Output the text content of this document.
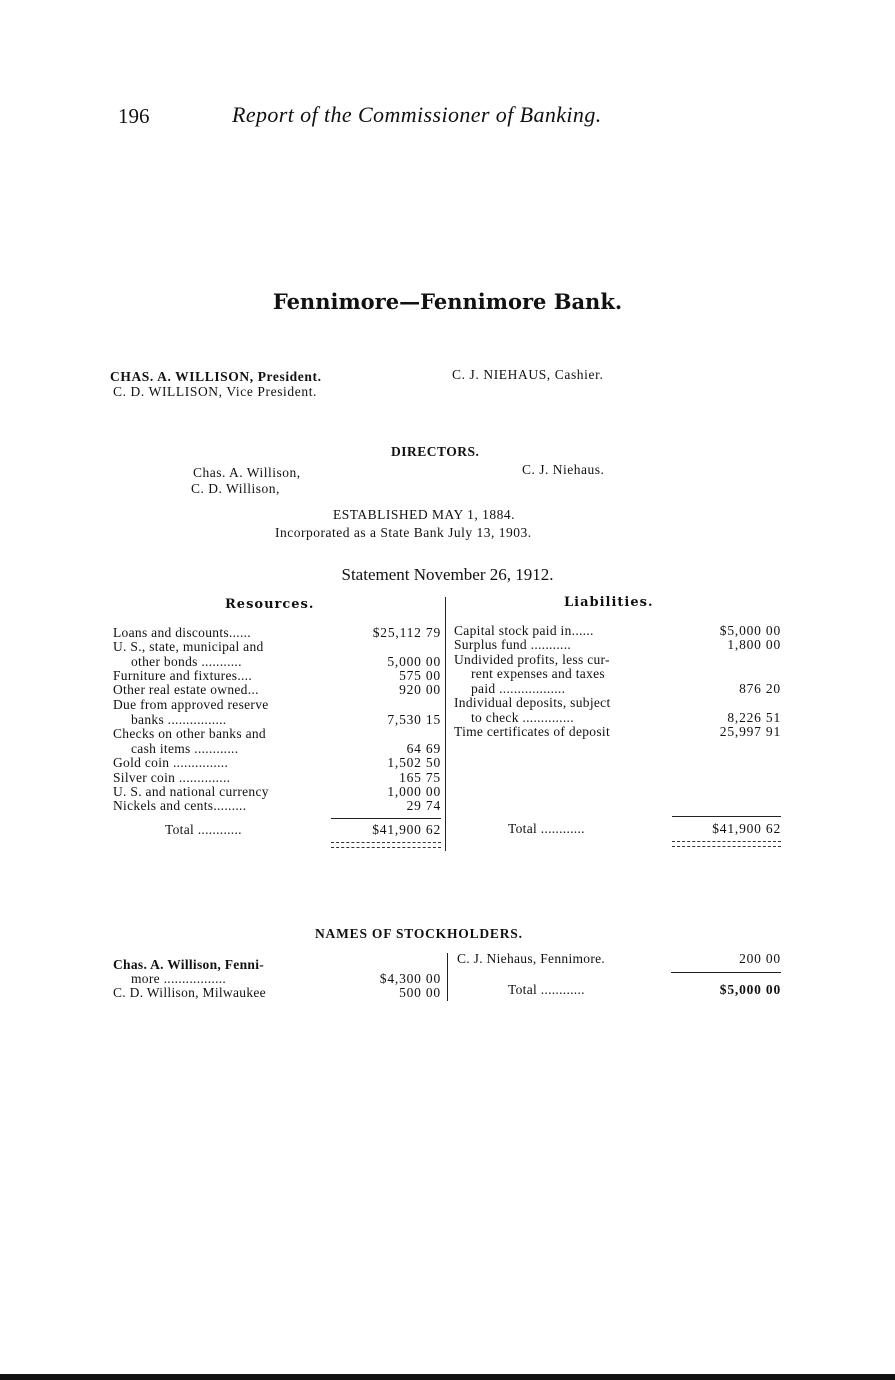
196	Report of the Commissioner of Banking.
Fennimore—Fennimore Bank.
CHAS. A. WILLISON, President.
C. D. WILLISON, Vice President.
C. J. NIEHAUS, Cashier.
DIRECTORS.
Chas. A. Willison,
C. D. Willison,
C. J. Niehaus.
ESTABLISHED MAY 1, 1884.
Incorporated as a State Bank July 13, 1903.
Statement November 26, 1912.
Resources.	Liabilities.
Loans and discounts......	$25,112 79
U. S., state, municipal and
other bonds ...........	5,000 00
Furniture and fixtures....	575 00
Other real estate owned...	920 00
Due from approved reserve
banks ................	7,530 15
Checks on other banks and
cash items ............	64 69
Gold coin ...............	1,502 50
Silver coin ..............	165 75
U. S. and national currency	1,000 00
Nickels and cents.........	29 74
Total ............	$41,900 62
Capital stock paid in......	$5,000 00
Surplus fund ...........	1,800 00
Undivided profits, less cur-
rent expenses and taxes
paid ..................	876 20
Individual deposits, subject
to check ..............	8,226 51
Time certificates of deposit	25,997 91
Total ............	$41,900 62
NAMES OF STOCKHOLDERS.
Chas. A. Willison, Fenni-
more .................	$4,300 00
C. D. Willison, Milwaukee	500 00
C. J. Niehaus, Fennimore.	200 00
Total ............	$5,000 00
